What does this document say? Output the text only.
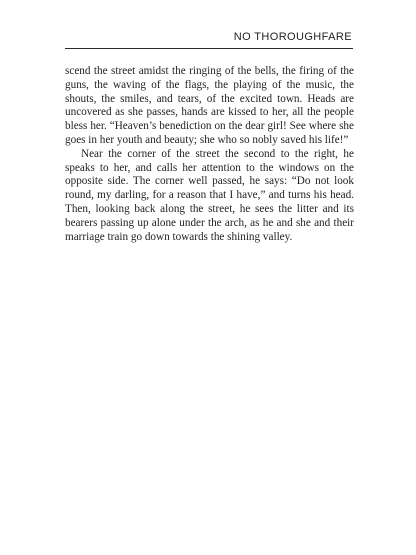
NO THOROUGHFARE

scend the street amidst the ringing of the bells, the firing of the guns, the waving of the flags, the playing of the music, the shouts, the smiles, and tears, of the excited town. Heads are uncovered as she passes, hands are kissed to her, all the people bless her. “Heaven’s benediction on the dear girl! See where she goes in her youth and beauty; she who so nobly saved his life!”

Near the corner of the street the second to the right, he speaks to her, and calls her attention to the windows on the opposite side. The corner well passed, he says: “Do not look round, my darling, for a reason that I have,” and turns his head. Then, looking back along the street, he sees the litter and its bearers passing up alone under the arch, as he and she and their marriage train go down towards the shining valley.
